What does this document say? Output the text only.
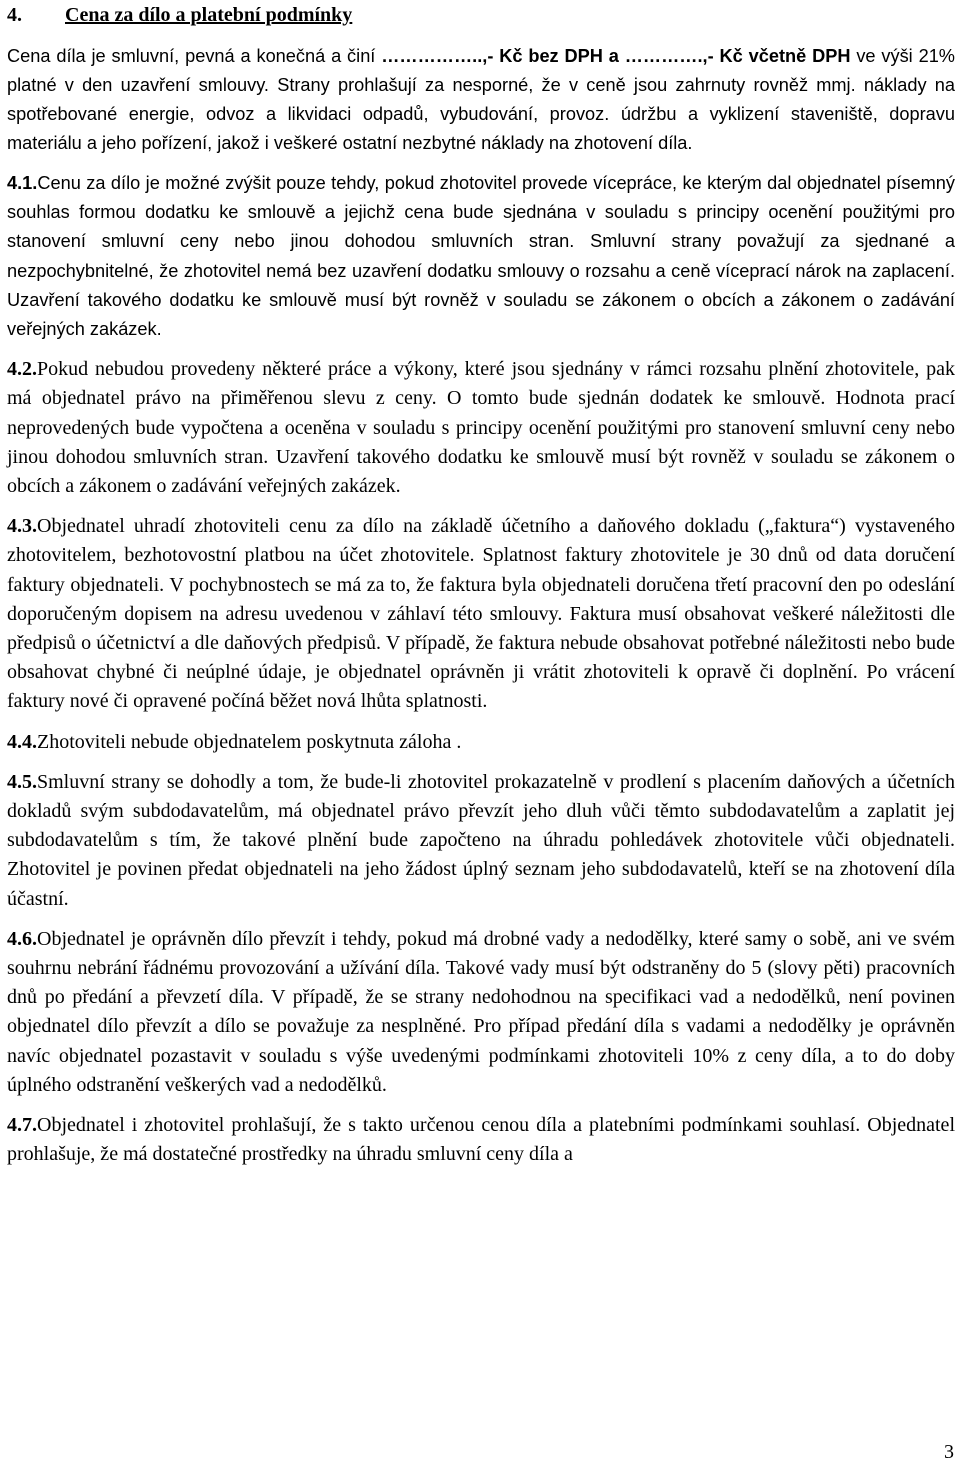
4. Cena za dílo a platební podmínky

Cena díla je smluvní, pevná a konečná a činí ……………..,- Kč bez DPH a ………….,- Kč včetně DPH ve výši 21% platné v den uzavření smlouvy. Strany prohlašují za nesporné, že v ceně jsou zahrnuty rovněž mmj. náklady na spotřebované energie, odvoz a likvidaci odpadů, vybudování, provoz. údržbu a vyklizení staveniště, dopravu materiálu a jeho pořízení, jakož i veškeré ostatní nezbytné náklady na zhotovení díla.

4.1.Cenu za dílo je možné zvýšit pouze tehdy, pokud zhotovitel provede vícepráce, ke kterým dal objednatel písemný souhlas formou dodatku ke smlouvě a jejichž cena bude sjednána v souladu s principy ocenění použitými pro stanovení smluvní ceny nebo jinou dohodou smluvních stran. Smluvní strany považují za sjednané a nezpochybnitelné, že zhotovitel nemá bez uzavření dodatku smlouvy o rozsahu a ceně víceprací nárok na zaplacení. Uzavření takového dodatku ke smlouvě musí být rovněž v souladu se zákonem o obcích a zákonem o zadávání veřejných zakázek.

4.2.Pokud nebudou provedeny některé práce a výkony, které jsou sjednány v rámci rozsahu plnění zhotovitele, pak má objednatel právo na přiměřenou slevu z ceny. O tomto bude sjednán dodatek ke smlouvě. Hodnota prací neprovedených bude vypočtena a oceněna v souladu s principy ocenění použitými pro stanovení smluvní ceny nebo jinou dohodou smluvních stran. Uzavření takového dodatku ke smlouvě musí být rovněž v souladu se zákonem o obcích a zákonem o zadávání veřejných zakázek.

4.3.Objednatel uhradí zhotoviteli cenu za dílo na základě účetního a daňového dokladu („faktura“) vystaveného zhotovitelem, bezhotovostní platbou na účet zhotovitele. Splatnost faktury zhotovitele je 30 dnů od data doručení faktury objednateli. V pochybnostech se má za to, že faktura byla objednateli doručena třetí pracovní den po odeslání doporučeným dopisem na adresu uvedenou v záhlaví této smlouvy. Faktura musí obsahovat veškeré náležitosti dle předpisů o účetnictví a dle daňových předpisů. V případě, že faktura nebude obsahovat potřebné náležitosti nebo bude obsahovat chybné či neúplné údaje, je objednatel oprávněn ji vrátit zhotoviteli k opravě či doplnění. Po vrácení faktury nové či opravené počíná běžet nová lhůta splatnosti.

4.4.Zhotoviteli nebude objednatelem poskytnuta záloha .

4.5.Smluvní strany se dohodly a tom, že bude-li zhotovitel prokazatelně v prodlení s placením daňových a účetních dokladů svým subdodavatelům, má objednatel právo převzít jeho dluh vůči těmto subdodavatelům a zaplatit jej subdodavatelům s tím, že takové plnění bude započteno na úhradu pohledávek zhotovitele vůči objednateli. Zhotovitel je povinen předat objednateli na jeho žádost úplný seznam jeho subdodavatelů, kteří se na zhotovení díla účastní.

4.6.Objednatel je oprávněn dílo převzít i tehdy, pokud má drobné vady a nedodělky, které samy o sobě, ani ve svém souhrnu nebrání řádnému provozování a užívání díla. Takové vady musí být odstraněny do 5 (slovy pěti) pracovních dnů po předání a převzetí díla. V případě, že se strany nedohodnou na specifikaci vad a nedodělků, není povinen objednatel dílo převzít a dílo se považuje za nesplněné. Pro případ předání díla s vadami a nedodělky je oprávněn navíc objednatel pozastavit v souladu s výše uvedenými podmínkami zhotoviteli 10% z ceny díla, a to do doby úplného odstranění veškerých vad a nedodělků.

4.7.Objednatel i zhotovitel prohlašují, že s takto určenou cenou díla a platebními podmínkami souhlasí. Objednatel prohlašuje, že má dostatečné prostředky na úhradu smluvní ceny díla a

3
